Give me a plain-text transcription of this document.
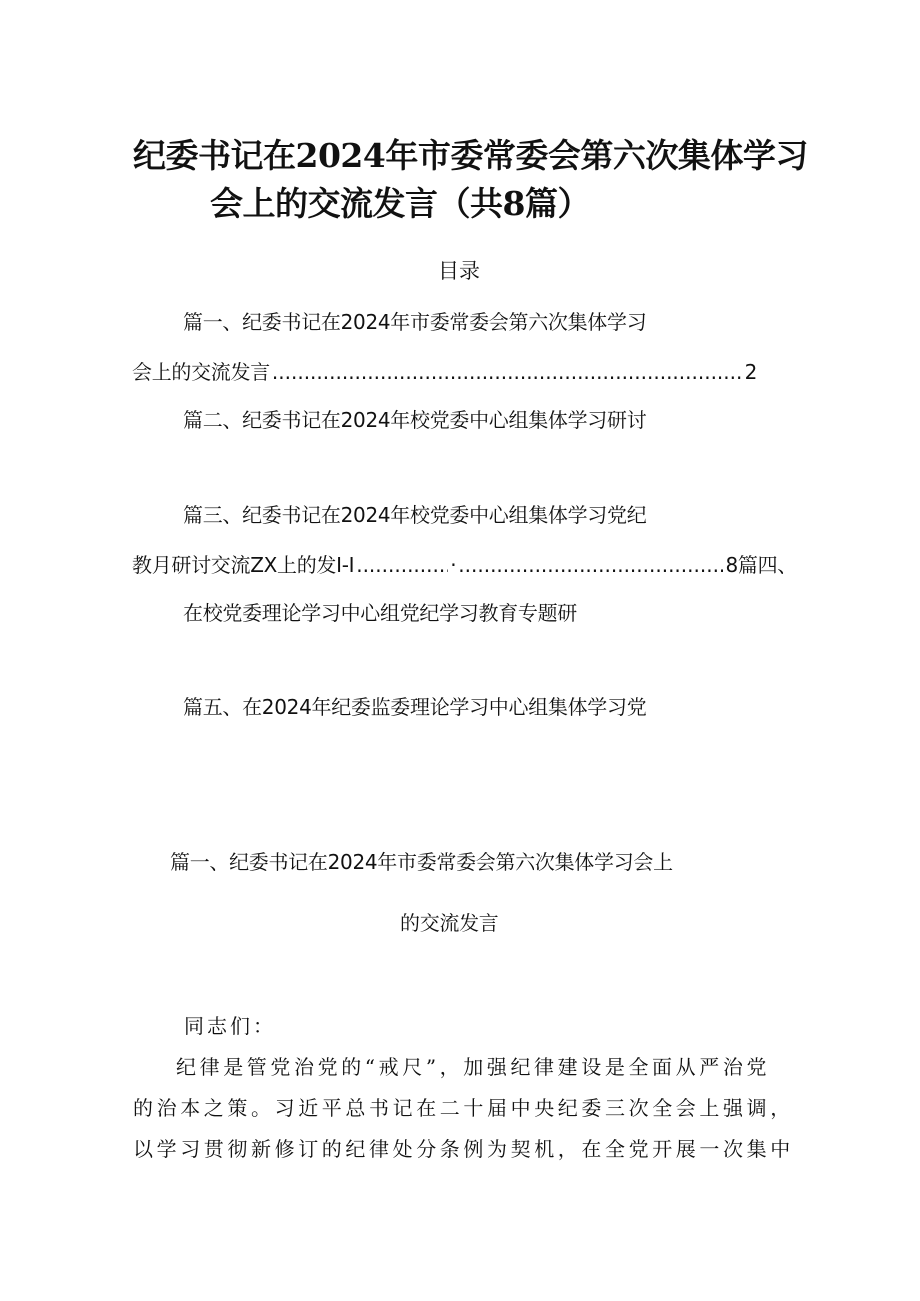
纪委书记在2024年市委常委会第六次集体学习
会上的交流发言（共8篇）
目录
篇一、纪委书记在2024年市委常委会第六次集体学习
会上的交流发言 .....	2
篇二、纪委书记在2024年校党委中心组集体学习研讨
篇三、纪委书记在2024年校党委中心组集体学习党纪
教月研讨交流ZX上的发I-I .....	· .....	8篇四、
在校党委理论学习中心组党纪学习教育专题研
篇五、在2024年纪委监委理论学习中心组集体学习党
篇一、纪委书记在2024年市委常委会第六次集体学习会上
的交流发言
同志们：
纪律是管党治党的“戒尺”，加强纪律建设是全面从严治党
的治本之策。习近平总书记在二十届中央纪委三次全会上强调，
以学习贯彻新修订的纪律处分条例为契机，在全党开展一次集中
